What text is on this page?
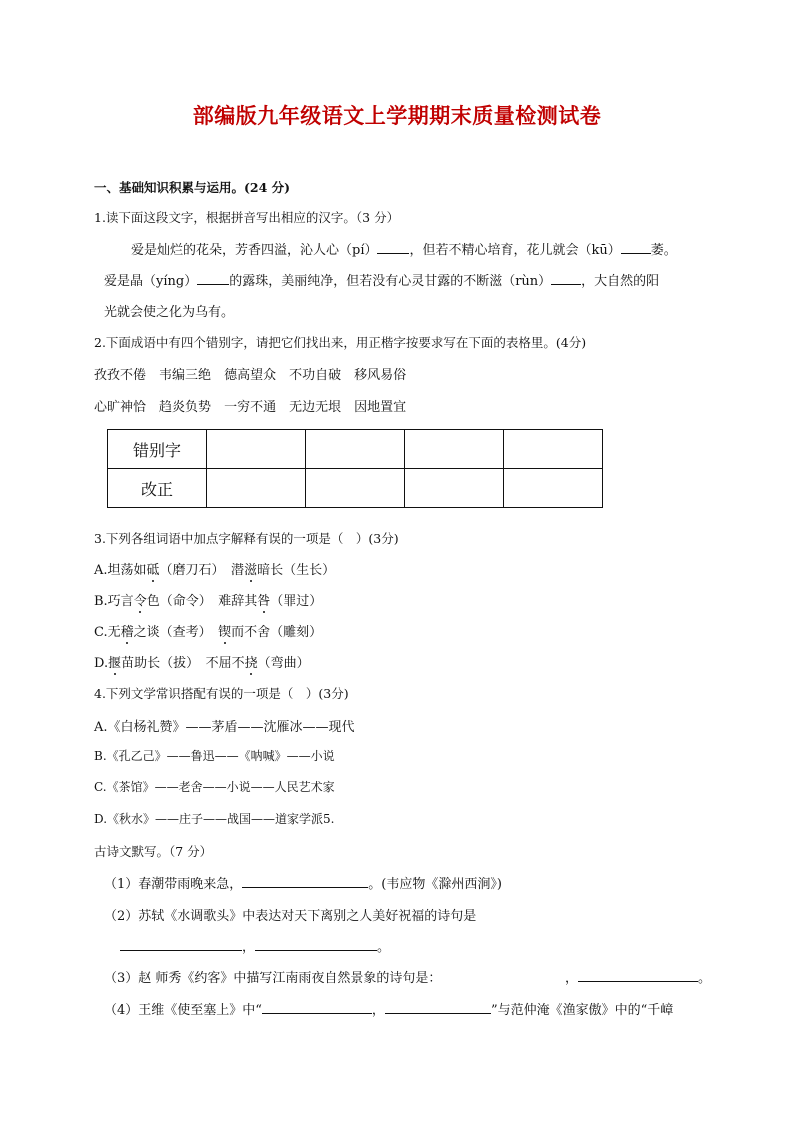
部编版九年级语文上学期期末质量检测试卷
一、基础知识积累与运用。(24 分)
1.读下面这段文字，根据拼音写出相应的汉字。（3 分）
爱是灿烂的花朵，芳香四溢，沁人心（pí） ，但若不精心培育，花儿就会（kū） 萎。
爱是晶（yíng） 的露珠，美丽纯净，但若没有心灵甘露的不断滋（rùn） ，大自然的阳
光就会使之化为乌有。
2.下面成语中有四个错别字，请把它们找出来，用正楷字按要求写在下面的表格里。(4分)
孜孜不倦　 韦编三绝　 德高望众　 不功自破　 移风易俗
心旷神恰　 趋炎负势　 一穷不通　 无边无垠　 因地置宜
错别字				
改正				
3.下列各组词语中加点字解释有误的一项是（　）(3分)
A.坦荡如砥（磨刀石）　潜滋暗长（生长）
B.巧言令色（命令）　难辞其咎（罪过）
C.无稽之谈（查考）　锲而不舍（雕刻）
D.揠苗助长（拔）　不屈不挠（弯曲）
4.下列文学常识搭配有误的一项是（　）(3分)
A.《白杨礼赞》——茅盾——沈雁冰——现代
B.《孔乙己》——鲁迅——《呐喊》——小说
C.《茶馆》——老舍——小说——人民艺术家
D.《秋水》——庄子——战国——道家学派5.
古诗文默写。（7 分）
（1）春潮带雨晚来急，	。(韦应物《滁州西涧》)
（2）苏轼《水调歌头》中表达对天下离别之人美好祝福的诗句是
，	。
（3）赵 师秀《约客》中描写江南雨夜自然景象的诗句是：	，	。
（4）王维《使至塞上》中“	，	”与范仲淹《渔家傲》中的“千嶂
